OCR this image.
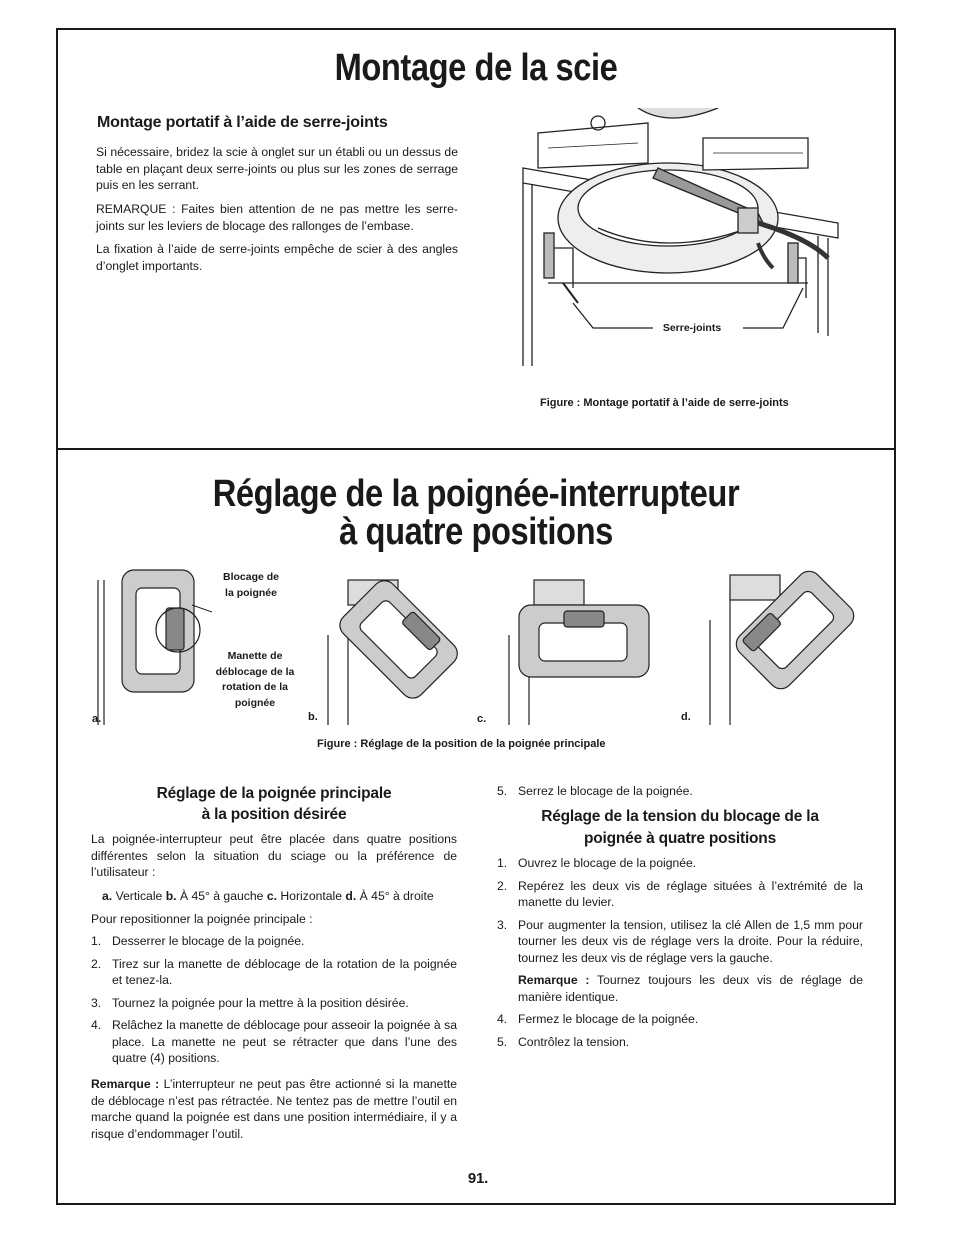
Montage de la scie
Montage portatif à l’aide de serre-joints
Si nécessaire, bridez la scie à onglet sur un établi ou un dessus de table en plaçant deux serre-joints ou plus sur les zones de serrage puis en les serrant.
REMARQUE : Faites bien attention de ne pas mettre les serre-joints sur les leviers de blocage des rallonges de l’embase.
La fixation à l’aide de serre-joints empêche de scier à des angles d’onglet importants.
Serre-joints
Figure : Montage portatif à l’aide de serre-joints
Réglage de la poignée-interrupteur
à quatre positions
Blocage de la poignée
Manette de déblocage de la rotation de la poignée
a.	b.	c.	d.
Figure : Réglage de la position de la poignée principale
Réglage de la poignée principale
à la position désirée
La poignée-interrupteur peut être placée dans quatre positions différentes selon la situation du sciage ou la préférence de l’utilisateur :
a. Verticale b. À 45° à gauche c. Horizontale d. À 45° à droite
Pour repositionner la poignée principale :
1. Desserrer le blocage de la poignée.
2. Tirez sur la manette de déblocage de la rotation de la poignée et tenez-la.
3. Tournez la poignée pour la mettre à la position désirée.
4. Relâchez la manette de déblocage pour asseoir la poignée à sa place. La manette ne peut se rétracter que dans l’une des quatre (4) positions.
Remarque : L’interrupteur ne peut pas être actionné si la manette de déblocage n’est pas rétractée. Ne tentez pas de mettre l’outil en marche quand la poignée est dans une position intermédiaire, il y a risque d’endommager l’outil.
5. Serrez le blocage de la poignée.
Réglage de la tension du blocage de la
poignée à quatre positions
1. Ouvrez le blocage de la poignée.
2. Repérez les deux vis de réglage situées à l’extrémité de la manette du levier.
3. Pour augmenter la tension, utilisez la clé Allen de 1,5 mm pour tourner les deux vis de réglage vers la droite. Pour la réduire, tournez les deux vis de réglage vers la gauche.
Remarque : Tournez toujours les deux vis de réglage de manière identique.
4. Fermez le blocage de la poignée.
5. Contrôlez la tension.
91.
